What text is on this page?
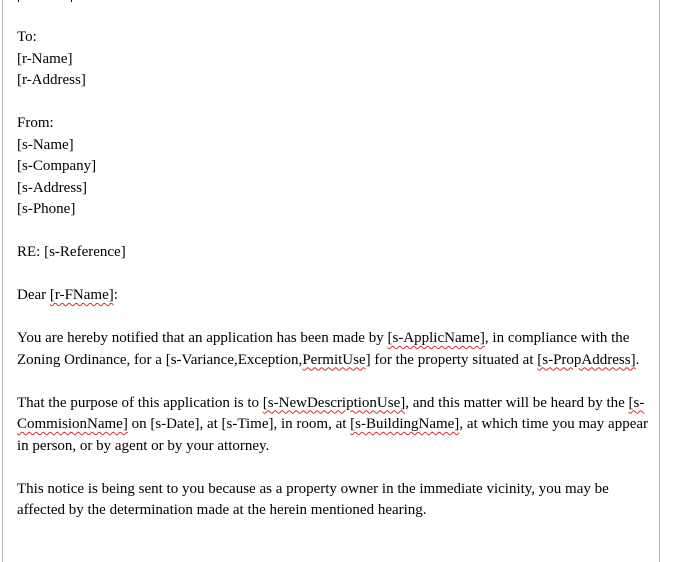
To:
[r-Name]
[r-Address]
From:
[s-Name]
[s-Company]
[s-Address]
[s-Phone]
RE: [s-Reference]
Dear [r-FName]:
You are hereby notified that an application has been made by [s-ApplicName], in compliance with the Zoning Ordinance, for a [s-Variance,Exception,PermitUse] for the property situated at [s-PropAddress].
That the purpose of this application is to [s-NewDescriptionUse], and this matter will be heard by the [s-CommisionName] on [s-Date], at [s-Time], in room, at [s-BuildingName], at which time you may appear in person, or by agent or by your attorney.
This notice is being sent to you because as a property owner in the immediate vicinity, you may be affected by the determination made at the herein mentioned hearing.
